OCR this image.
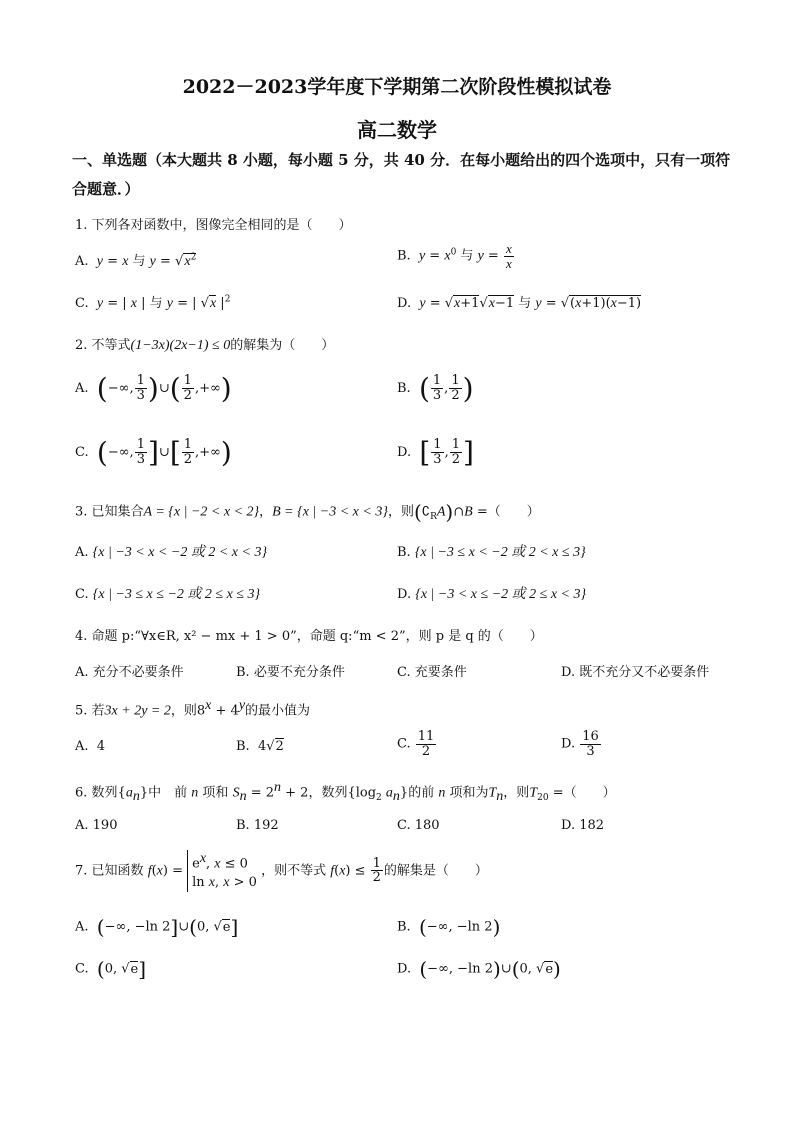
2022－2023学年度下学期第二次阶段性模拟试卷
高二数学
一、单选题（本大题共 8 小题，每小题 5 分，共 40 分．在每小题给出的四个选项中，只有一项符合题意．）
1. 下列各对函数中，图像完全相同的是（　　）
A. y = x 与 $y = √x^2$	B. $y = x^0$ 与 $y = \frac{x}{x}$
C. y = | x | 与 y = | √x $|^2$	D. y = √x+1√x−1 与 y = √(x+1)(x−1)
2. 不等式(1−3x)(2x−1) ≤ 0的解集为（　　）
A. (−∞, $\frac{1}{3}$ )∪( $\frac{1}{2}$ ,+∞)	B. ( $\frac{1}{3}$ , $\frac{1}{2}$ )
C. (−∞, $\frac{1}{3}$ ]∪[ $\frac{1}{2}$ ,+∞)	D. [ $\frac{1}{3}$ , $\frac{1}{2}$ ]
3. 已知集合A = {x | −2 < x < 2}，B = {x | −3 < x < 3}，则$(∁_RA)\cap B$ =（　　）
A. {x | −3 < x < −2 或 2 < x < 3}	B. {x | −3 ≤ x < −2 或 2 < x ≤ 3}
C. {x | −3 ≤ x ≤ −2 或 2 ≤ x ≤ 3}	D. {x | −3 < x ≤ −2 或 2 ≤ x < 3}
4. 命题 p:“∀x∈R, x² − mx + 1 > 0”，命题 q:“m < 2”，则 p 是 q 的（　　）
A. 充分不必要条件	B. 必要不充分条件	C. 充要条件	D. 既不充分又不必要条件
5. 若3x + 2y = 2，则$8^x + 4^y$的最小值为
A. 4	B.  4√2	C. $\frac{11}{2}$	D. $\frac{16}{3}$
6. 数列$\{a_n\}$中　前 n 项和 $S_n = 2^n + 2$，数列{$\log_2$ $a_n$}的前 n 项和为$T_n$，则$T_{20}$ =（　　）
A. 190	B. 192	C. 180	D. 182
7. 已知函数 $f(x) = e^x$, x ≤ 0
ln x, x > 0
，则不等式 $f(x) \le \frac{1}{2}$ 的解集是（　　）
A. (−∞, −ln 2]∪(0, √e]	B. (−∞, −ln 2)
C. (0, √e]	D. (−∞, −ln 2)∪(0, √e)
